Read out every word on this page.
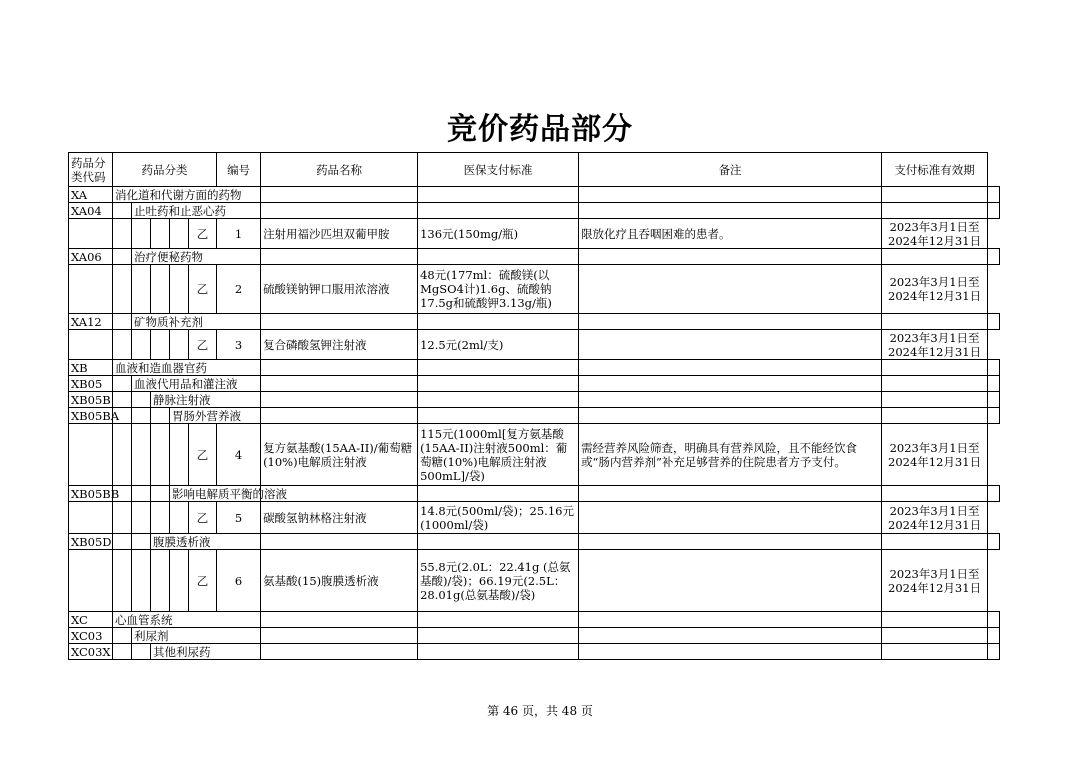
竞价药品部分
药品分类代码	药品分类					编号	药品名称	医保支付标准	备注	支付标准有效期	
XA	消化道和代谢方面的药物										
XA04		止吐药和止恶心药									
					乙	1	注射用福沙匹坦双葡甲胺	136元(150mg/瓶)	限放化疗且吞咽困难的患者。	2023年3月1日至2024年12月31日	
XA06		治疗便秘药物									
					乙	2	硫酸镁钠钾口服用浓溶液	48元(177ml：硫酸镁(以MgSO4计)1.6g、硫酸钠17.5g和硫酸钾3.13g/瓶)		2023年3月1日至2024年12月31日	
XA12		矿物质补充剂									
					乙	3	复合磷酸氢钾注射液	12.5元(2ml/支)		2023年3月1日至2024年12月31日	
XB	血液和造血器官药										
XB05		血液代用品和灌注液									
XB05B			静脉注射液								
XB05BA				胃肠外营养液							
					乙	4	复方氨基酸(15AA-II)/葡萄糖(10%)电解质注射液	115元(1000ml[复方氨基酸(15AA-II)注射液500ml：葡萄糖(10%)电解质注射液500mL]/袋)	需经营养风险筛查，明确具有营养风险，且不能经饮食或“肠内营养剂”补充足够营养的住院患者方予支付。	2023年3月1日至2024年12月31日	
XB05BB				影响电解质平衡的溶液							
					乙	5	碳酸氢钠林格注射液	14.8元(500ml/袋)；25.16元(1000ml/袋)		2023年3月1日至2024年12月31日	
XB05D			腹膜透析液								
					乙	6	氨基酸(15)腹膜透析液	55.8元(2.0L：22.41g (总氨基酸)/袋)；66.19元(2.5L：28.01g(总氨基酸)/袋)		2023年3月1日至2024年12月31日	
XC	心血管系统										
XC03		利尿剂									
XC03X			其他利尿药								
第 46 页，共 48 页
